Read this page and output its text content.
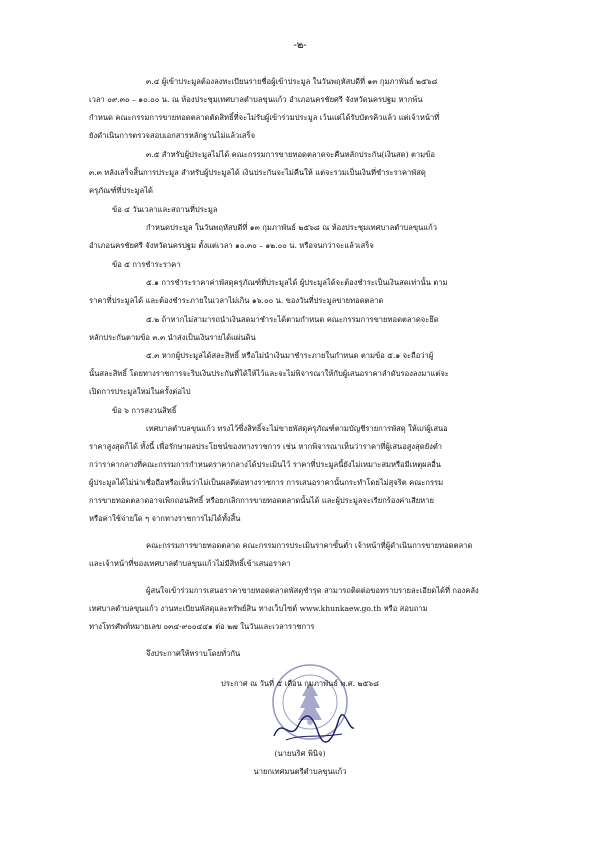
-๒-
๓.๔ ผู้เข้าประมูลต้องลงทะเบียนรายชื่อผู้เข้าประมูล ในวันพฤหัสบดีที่ ๑๓ กุมภาพันธ์ ๒๕๖๘
เวลา ๐๙.๓๐ – ๑๐.๐๐ น. ณ ห้องประชุมเทศบาลตำบลขุนแก้ว อำเภอนครชัยศรี จังหวัดนครปฐม หากพ้น
กำหนด คณะกรรมการขายทอดตลาดตัดสิทธิ์ที่จะไม่รับผู้เข้าร่วมประมูล เว้นแต่ได้รับบัตรคิวแล้ว แต่เจ้าหน้าที่
ยังดำเนินการตรวจสอบเอกสารหลักฐานไม่แล้วเสร็จ
๓.๕ สำหรับผู้ประมูลไม่ได้ คณะกรรมการขายทอดตลาดจะคืนหลักประกัน(เงินสด) ตามข้อ
๓.๓ หลังเสร็จสิ้นการประมูล สำหรับผู้ประมูลได้ เงินประกันจะไม่คืนให้ แต่จะรวมเป็นเงินที่ชำระราคาพัสดุ
ครุภัณฑ์ที่ประมูลได้
ข้อ ๔ วันเวลาและสถานที่ประมูล
กำหนดประมูล ในวันพฤหัสบดีที่ ๑๓ กุมภาพันธ์ ๒๕๖๘ ณ ห้องประชุมเทศบาลตำบลขุนแก้ว
อำเภอนครชัยศรี จังหวัดนครปฐม ตั้งแต่เวลา ๑๐.๓๐ – ๑๒.๐๐ น. หรือจนกว่าจะแล้วเสร็จ
ข้อ ๕ การชำระราคา
๕.๑ การชำระราคาค่าพัสดุครุภัณฑ์ที่ประมูลได้ ผู้ประมูลได้จะต้องชำระเป็นเงินสดเท่านั้น ตาม
ราคาที่ประมูลได้ และต้องชำระภายในเวลาไม่เกิน ๑๖.๐๐ น. ของวันที่ประมูลขายทอดตลาด
๕.๒ ถ้าหากไม่สามารถนำเงินสดมาชำระได้ตามกำหนด คณะกรรมการขายทอดตลาดจะยึด
หลักประกันตามข้อ ๓.๓ นำส่งเป็นเงินรายได้แผ่นดิน
๕.๓ หากผู้ประมูลได้สละสิทธิ์ หรือไม่นำเงินมาชำระภายในกำหนด ตามข้อ ๕.๑ จะถือว่าผู้
นั้นสละสิทธิ์ โดยทางราชการจะริบเงินประกันที่ได้ให้ไว้และจะไม่พิจารณาให้กับผู้เสนอราคาลำดับรองลงมาแต่จะ
เปิดการประมูลใหม่ในครั้งต่อไป
ข้อ ๖ การสงวนสิทธิ์
เทศบาลตำบลขุนแก้ว ทรงไว้ซึ่งสิทธิ์จะไม่ขายพัสดุครุภัณฑ์ตามบัญชีรายการพัสดุ ให้แก่ผู้เสนอ
ราคาสูงสุดก็ได้ ทั้งนี้ เพื่อรักษาผลประโยชน์ของทางราชการ เช่น หากพิจารณาเห็นว่าราคาที่ผู้เสนอสูงสุดยังต่ำ
กว่าราคากลางที่คณะกรรมการกำหนดราคากลางได้ประเมินไว้ ราคาที่ประมูลนี้ยังไม่เหมาะสมหรือมีเหตุผลอื่น
ผู้ประมูลได้ไม่น่าเชื่อถือหรือเห็นว่าไม่เป็นผลดีต่อทางราชการ การเสนอราคานั้นกระทำโดยไม่สุจริต คณะกรรม
การขายทอดตลาดอาจเพิกถอนสิทธิ์ หรือยกเลิกการขายทอดตลาดนั้นได้ และผู้ประมูลจะเรียกร้องค่าเสียหาย
หรือค่าใช้จ่ายใด ๆ จากทางราชการไม่ได้ทั้งสิ้น
คณะกรรมการขายทอดตลาด คณะกรรมการประเมินราคาขั้นต่ำ เจ้าหน้าที่ผู้ดำเนินการขายทอดตลาด
และเจ้าหน้าที่ของเทศบาลตำบลขุนแก้วไม่มีสิทธิ์เข้าเสนอราคา
ผู้สนใจเข้าร่วมการเสนอราคาขายทอดตลาดพัสดุชำรุด สามารถติดต่อขอทราบรายละเอียดได้ที่ กองคลัง
เทศบาลตำบลขุนแก้ว งานทะเบียนพัสดุและทรัพย์สิน ทางเว็บไซต์ www.khunkaew.go.th หรือ สอบถาม
ทางโทรศัพท์หมายเลข ๐๓๔-๙๐๐๔๔๑ ต่อ ๒๗ ในวันและเวลาราชการ
จึงประกาศให้ทราบโดยทั่วกัน
ประกาศ ณ วันที่ ๕ เดือน กุมภาพันธ์ พ.ศ. ๒๕๖๘
(นายนริศ พินิจ)
นายกเทศมนตรีตำบลขุนแก้ว
